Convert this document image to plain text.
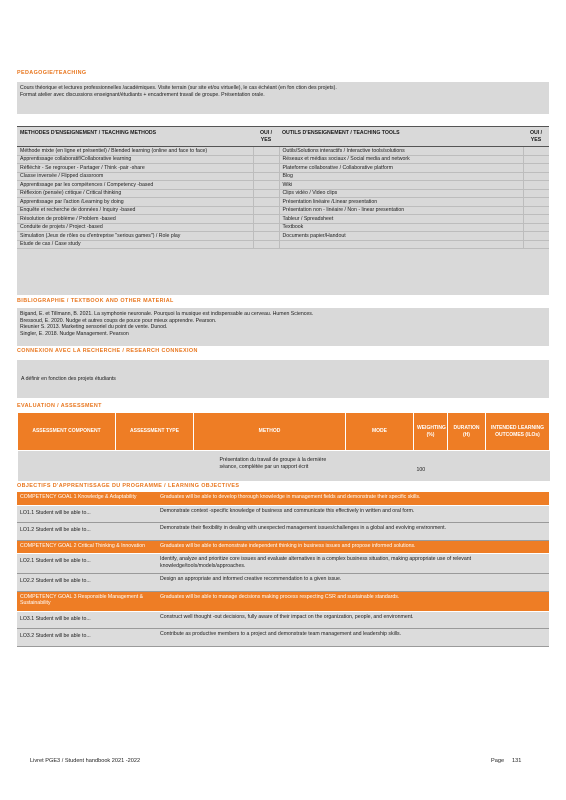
PEDAGOGIE/TEACHING
Cours théorique et lectures professionnelles /académiques. Visite terrain (sur site et/ou virtuelle), le cas échéant (en fon ction des projets).
Format atelier avec discussions enseignant/étudiants + encadrement travail de groupe. Présentation orale.
METHODES D'ENSEIGNEMENT / TEACHING METHODS	OUI / YES	OUTILS D'ENSEIGNEMENT / TEACHING TOOLS	OUI / YES
Méthode mixte (en ligne et présentiel) / Blended learning (online and face to face)		Outils/Solutions interactifs / Interactive tools/solutions	
Apprentissage collaboratif/Collaborative learning		Réseaux et médias sociaux / Social media and network	
Réfléchir - Se regrouper - Partager / Think -pair -share		Plateforme collaborative / Collaborative platform	
Classe inversée / Flipped classroom		Blog	
Apprentissage par les compétences / Competency -based		Wiki	
Réflexion (pensée) critique / Critical thinking		Clips vidéo / Video clips	
Apprentissage par l'action /Learning by doing		Présentation linéaire /Linear presentation	
Enquête et recherche de données / Inquiry -based		Présentation non - linéaire / Non - linear presentation	
Résolution de problème / Problem -based		Tableur / Spreadsheet	
Conduite de projets / Project -based		Textbook	
Simulation (Jeux de rôles ou d'entreprise "serious games") / Role play		Documents papier/Handout	
Etude de cas / Case study			
BIBLIOGRAPHIE / TEXTBOOK AND OTHER MATERIAL
Bigand, E. et Tillmann, B. 2021. La symphonie neuronale. Pourquoi la musique est indispensable au cerveau. Humen Sciences.
Bressoud, E. 2020. Nudge et autres coups de pouce pour mieux apprendre. Pearson.
Rieunier S. 2013. Marketing sensoriel du point de vente. Dunod.
Singler, E. 2018. Nudge Management. Pearson
CONNEXION AVEC LA RECHERCHE / RESEARCH CONNEXION
A définir en fonction des projets étudiants
EVALUATION / ASSESSMENT
ASSESSMENT COMPONENT	ASSESSMENT TYPE	METHOD	MODE	WEIGHTING (%)	DURATION (H)	INTENDED LEARNING OUTCOMES (ILOs)
		Présentation du travail de groupe à la dernière séance, complétée par un rapport écrit		100		
OBJECTIFS D'APPRENTISSAGE DU PROGRAMME / LEARNING OBJECTIVES
COMPETENCY GOAL 1 Knowledge & Adaptability	Graduates will be able to develop thorough knowledge in management fields and demonstrate their specific skills.
LO1.1 Student will be able to...	Demonstrate context -specific knowledge of business and communicate this effectively in written and oral form.
LO1.2 Student will be able to...	Demonstrate their flexibility in dealing with unexpected management issues/challenges in a global and evolving environment.
COMPETENCY GOAL 2 Critical Thinking & Innovation	Graduates will be able to demonstrate independent thinking in business issues and propose informed solutions.
LO2.1 Student will be able to...	Identify, analyze and prioritize core issues and evaluate alternatives in a complex business situation, making appropriate use of relevant knowledge/tools/models/approaches.
LO2.2 Student will be able to...	Design an appropriate and informed creative recommendation to a given issue.
COMPETENCY GOAL 3 Responsible Management & Sustainability	Graduates will be able to manage decisions making process respecting CSR and sustainable standards.
LO3.1 Student will be able to...	Construct well thought -out decisions, fully aware of their impact on the organization, people, and environment.
LO3.2 Student will be able to...	Contribute as productive members to a project and demonstrate team management and leadership skills.
Livret PGE3 / Student handbook 2021 -2022	Page 131
